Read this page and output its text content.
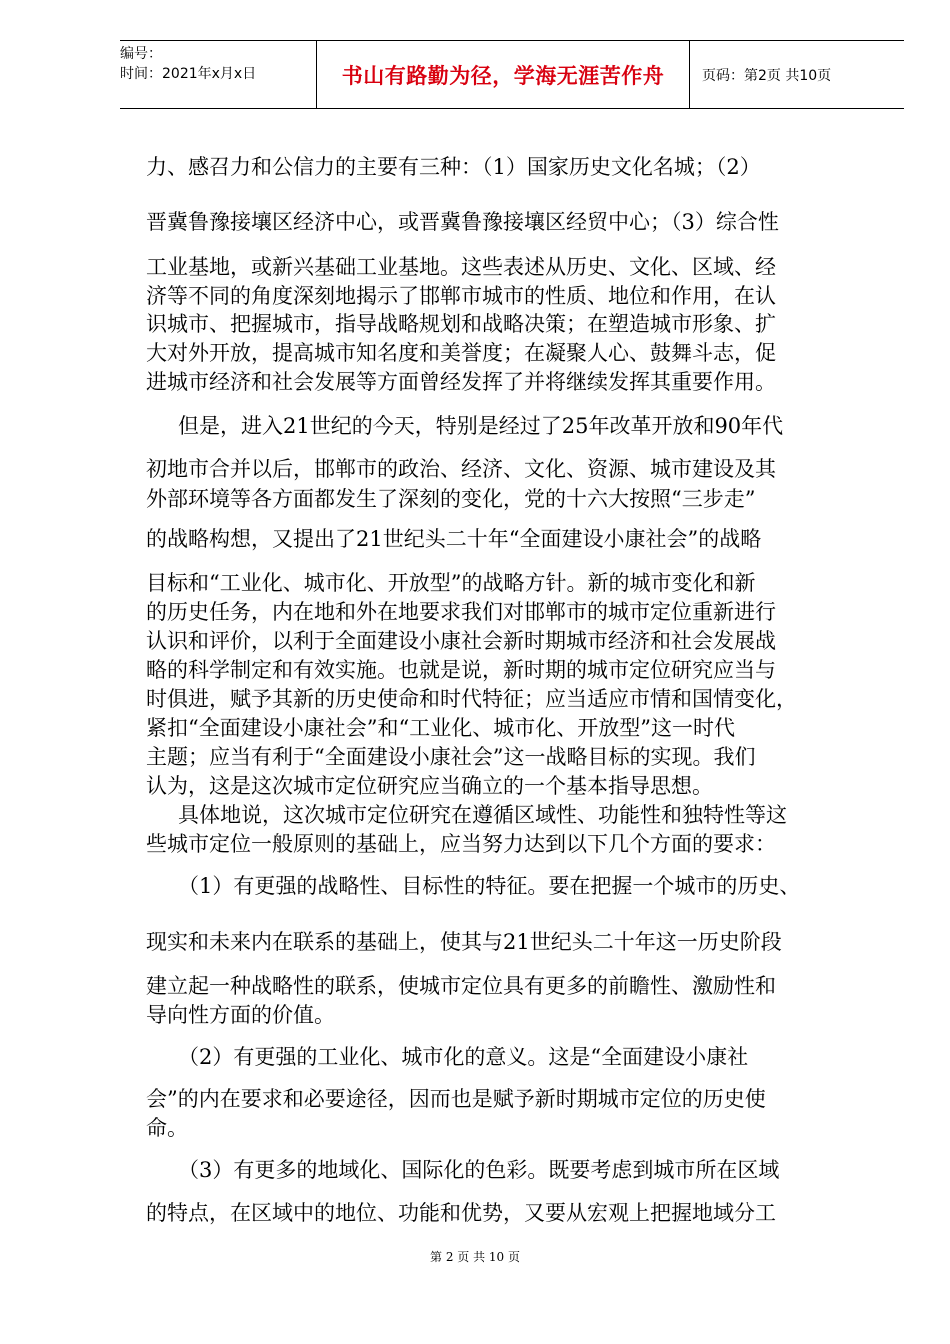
编号：
时间：2021年x月x日	书山有路勤为径，学海无涯苦作舟	页码：第2页 共10页
力、感召力和公信力的主要有三种：（1）国家历史文化名城；（2）
晋冀鲁豫接壤区经济中心，或晋冀鲁豫接壤区经贸中心；（3）综合性
工业基地，或新兴基础工业基地。这些表述从历史、文化、区域、经
济等不同的角度深刻地揭示了邯郸市城市的性质、地位和作用，在认
识城市、把握城市，指导战略规划和战略决策；在塑造城市形象、扩
大对外开放，提高城市知名度和美誉度；在凝聚人心、鼓舞斗志，促
进城市经济和社会发展等方面曾经发挥了并将继续发挥其重要作用。
但是，进入21世纪的今天，特别是经过了25年改革开放和90年代
初地市合并以后，邯郸市的政治、经济、文化、资源、城市建设及其
外部环境等各方面都发生了深刻的变化，党的十六大按照“三步走”
的战略构想，又提出了21世纪头二十年“全面建设小康社会”的战略
目标和“工业化、城市化、开放型”的战略方针。新的城市变化和新
的历史任务，内在地和外在地要求我们对邯郸市的城市定位重新进行
认识和评价，以利于全面建设小康社会新时期城市经济和社会发展战
略的科学制定和有效实施。也就是说，新时期的城市定位研究应当与
时俱进，赋予其新的历史使命和时代特征；应当适应市情和国情变化，
紧扣“全面建设小康社会”和“工业化、城市化、开放型”这一时代
主题；应当有利于“全面建设小康社会”这一战略目标的实现。我们
认为，这是这次城市定位研究应当确立的一个基本指导思想。
具体地说，这次城市定位研究在遵循区域性、功能性和独特性等这
些城市定位一般原则的基础上，应当努力达到以下几个方面的要求：
（1）有更强的战略性、目标性的特征。要在把握一个城市的历史、
现实和未来内在联系的基础上，使其与21世纪头二十年这一历史阶段
建立起一种战略性的联系，使城市定位具有更多的前瞻性、激励性和
导向性方面的价值。
（2）有更强的工业化、城市化的意义。这是“全面建设小康社
会”的内在要求和必要途径，因而也是赋予新时期城市定位的历史使
命。
（3）有更多的地域化、国际化的色彩。既要考虑到城市所在区域
的特点，在区域中的地位、功能和优势，又要从宏观上把握地域分工
第 2 页 共 10 页
